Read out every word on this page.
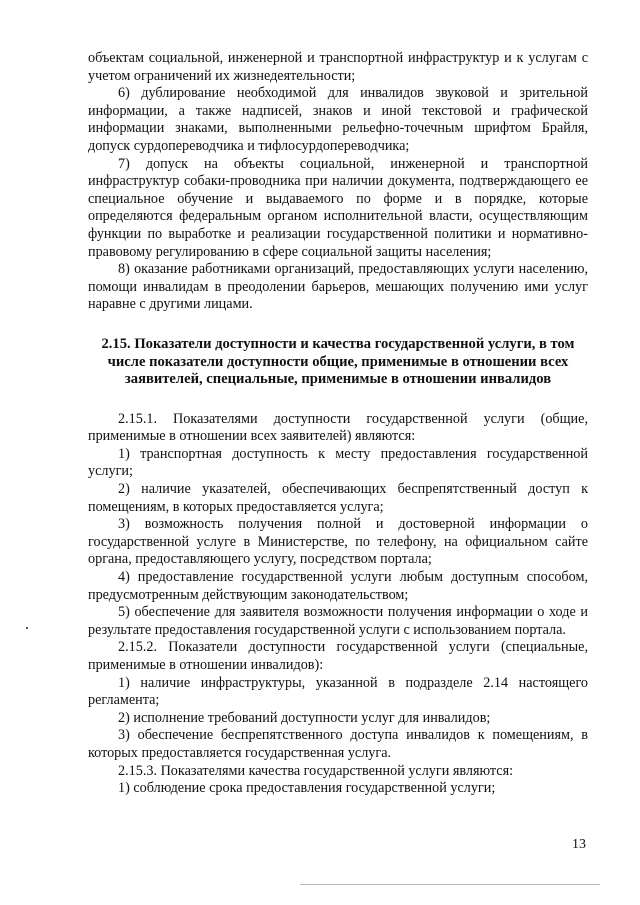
объектам социальной, инженерной и транспортной инфраструктур и к услугам с учетом ограничений их жизнедеятельности;

6) дублирование необходимой для инвалидов звуковой и зрительной информации, а также надписей, знаков и иной текстовой и графической информации знаками, выполненными рельефно-точечным шрифтом Брайля, допуск сурдопереводчика и тифлосурдопереводчика;

7) допуск на объекты социальной, инженерной и транспортной инфраструктур собаки-проводника при наличии документа, подтверждающего ее специальное обучение и выдаваемого по форме и в порядке, которые определяются федеральным органом исполнительной власти, осуществляющим функции по выработке и реализации государственной политики и нормативно-правовому регулированию в сфере социальной защиты населения;

8) оказание работниками организаций, предоставляющих услуги населению, помощи инвалидам в преодолении барьеров, мешающих получению ими услуг наравне с другими лицами.

2.15. Показатели доступности и качества государственной услуги, в том числе показатели доступности общие, применимые в отношении всех заявителей, специальные, применимые в отношении инвалидов

2.15.1. Показателями доступности государственной услуги (общие, применимые в отношении всех заявителей) являются:

1) транспортная доступность к месту предоставления государственной услуги;

2) наличие указателей, обеспечивающих беспрепятственный доступ к помещениям, в которых предоставляется услуга;

3) возможность получения полной и достоверной информации о государственной услуге в Министерстве, по телефону, на официальном сайте органа, предоставляющего услугу, посредством портала;

4) предоставление государственной услуги любым доступным способом, предусмотренным действующим законодательством;

5) обеспечение для заявителя возможности получения информации о ходе и результате предоставления государственной услуги с использованием портала.

2.15.2. Показатели доступности государственной услуги (специальные, применимые в отношении инвалидов):

1) наличие инфраструктуры, указанной в подразделе 2.14 настоящего регламента;

2) исполнение требований доступности услуг для инвалидов;

3) обеспечение беспрепятственного доступа инвалидов к помещениям, в которых предоставляется государственная услуга.

2.15.3. Показателями качества государственной услуги являются:

1) соблюдение срока предоставления государственной услуги;

13
